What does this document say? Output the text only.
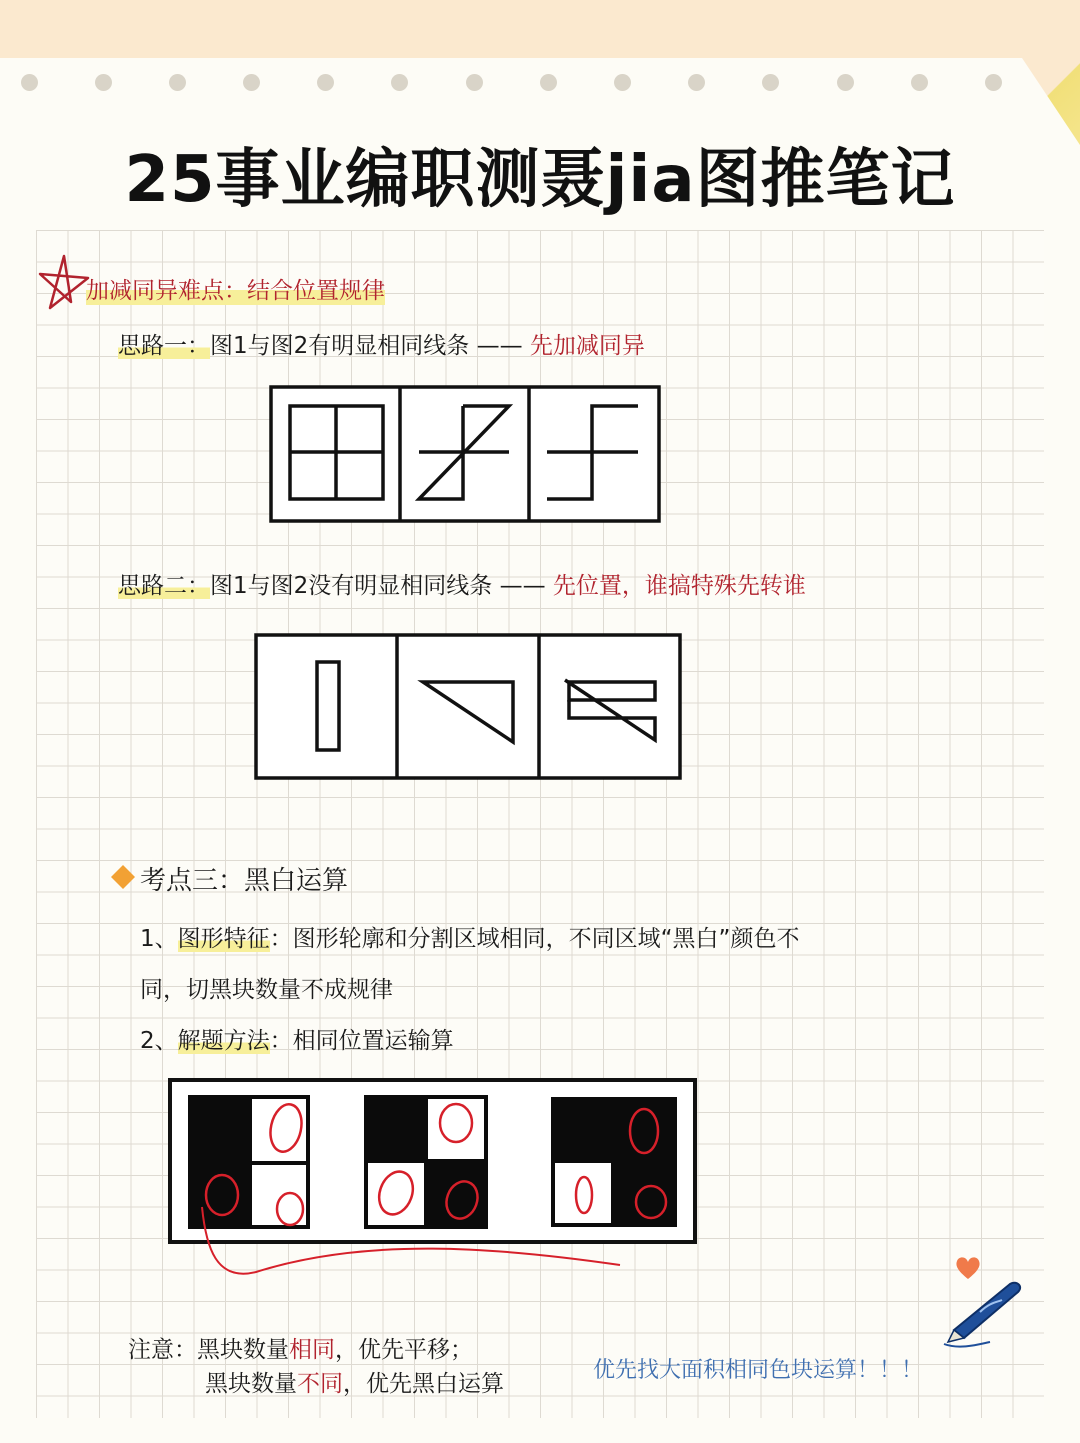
25事业编职测聂jia图推笔记
加减同异难点：结合位置规律
思路一：图1与图2有明显相同线条 —— 先加减同异
思路二：图1与图2没有明显相同线条 —— 先位置，谁搞特殊先转谁
考点三：黑白运算
1、图形特征：图形轮廓和分割区域相同，不同区域“黑白”颜色不
同，切黑块数量不成规律
2、解题方法：相同位置运输算
注意：黑块数量相同，优先平移；
黑块数量不同，优先黑白运算
优先找大面积相同色块运算！！！
